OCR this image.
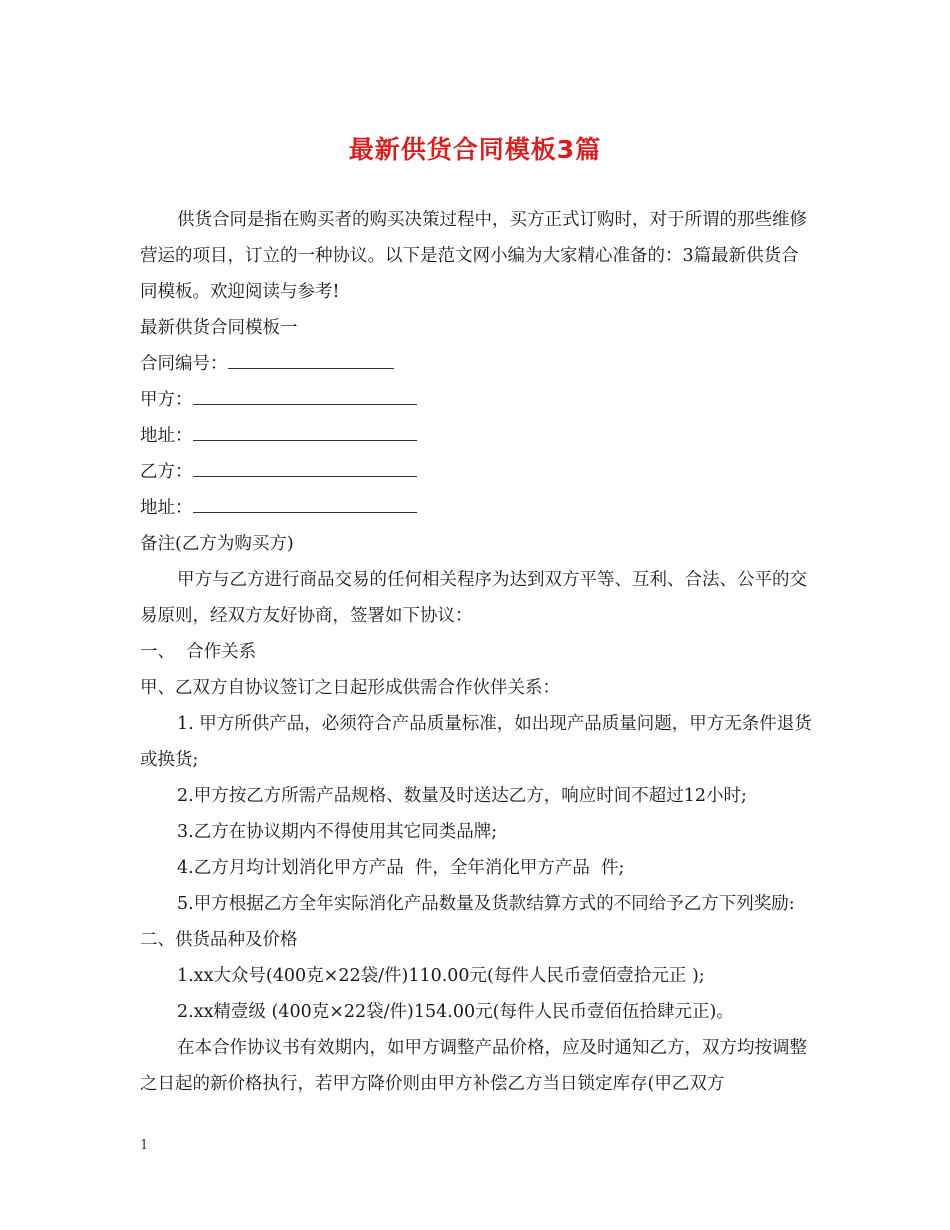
最新供货合同模板3篇

供货合同是指在购买者的购买决策过程中，买方正式订购时，对于所谓的那些维修营运的项目，订立的一种协议。以下是范文网小编为大家精心准备的：3篇最新供货合同模板。欢迎阅读与参考!

最新供货合同模板一

合同编号：

甲方：

地址：

乙方：

地址：

备注(乙方为购买方)

甲方与乙方进行商品交易的任何相关程序为达到双方平等、互利、合法、公平的交易原则，经双方友好协商，签署如下协议：

一、  合作关系

甲、乙双方自协议签订之日起形成供需合作伙伴关系：

1. 甲方所供产品，必须符合产品质量标准，如出现产品质量问题，甲方无条件退货或换货;

2.甲方按乙方所需产品规格、数量及时送达乙方，响应时间不超过12小时;

3.乙方在协议期内不得使用其它同类品牌;

4.乙方月均计划消化甲方产品  件，全年消化甲方产品  件;

5.甲方根据乙方全年实际消化产品数量及货款结算方式的不同给予乙方下列奖励:

二、供货品种及价格

1.xx大众号(400克×22袋/件)110.00元(每件人民币壹佰壹拾元正 );

2.xx精壹级 (400克×22袋/件)154.00元(每件人民币壹佰伍拾肆元正)。

在本合作协议书有效期内，如甲方调整产品价格，应及时通知乙方，双方均按调整之日起的新价格执行，若甲方降价则由甲方补偿乙方当日锁定库存(甲乙双方

1
